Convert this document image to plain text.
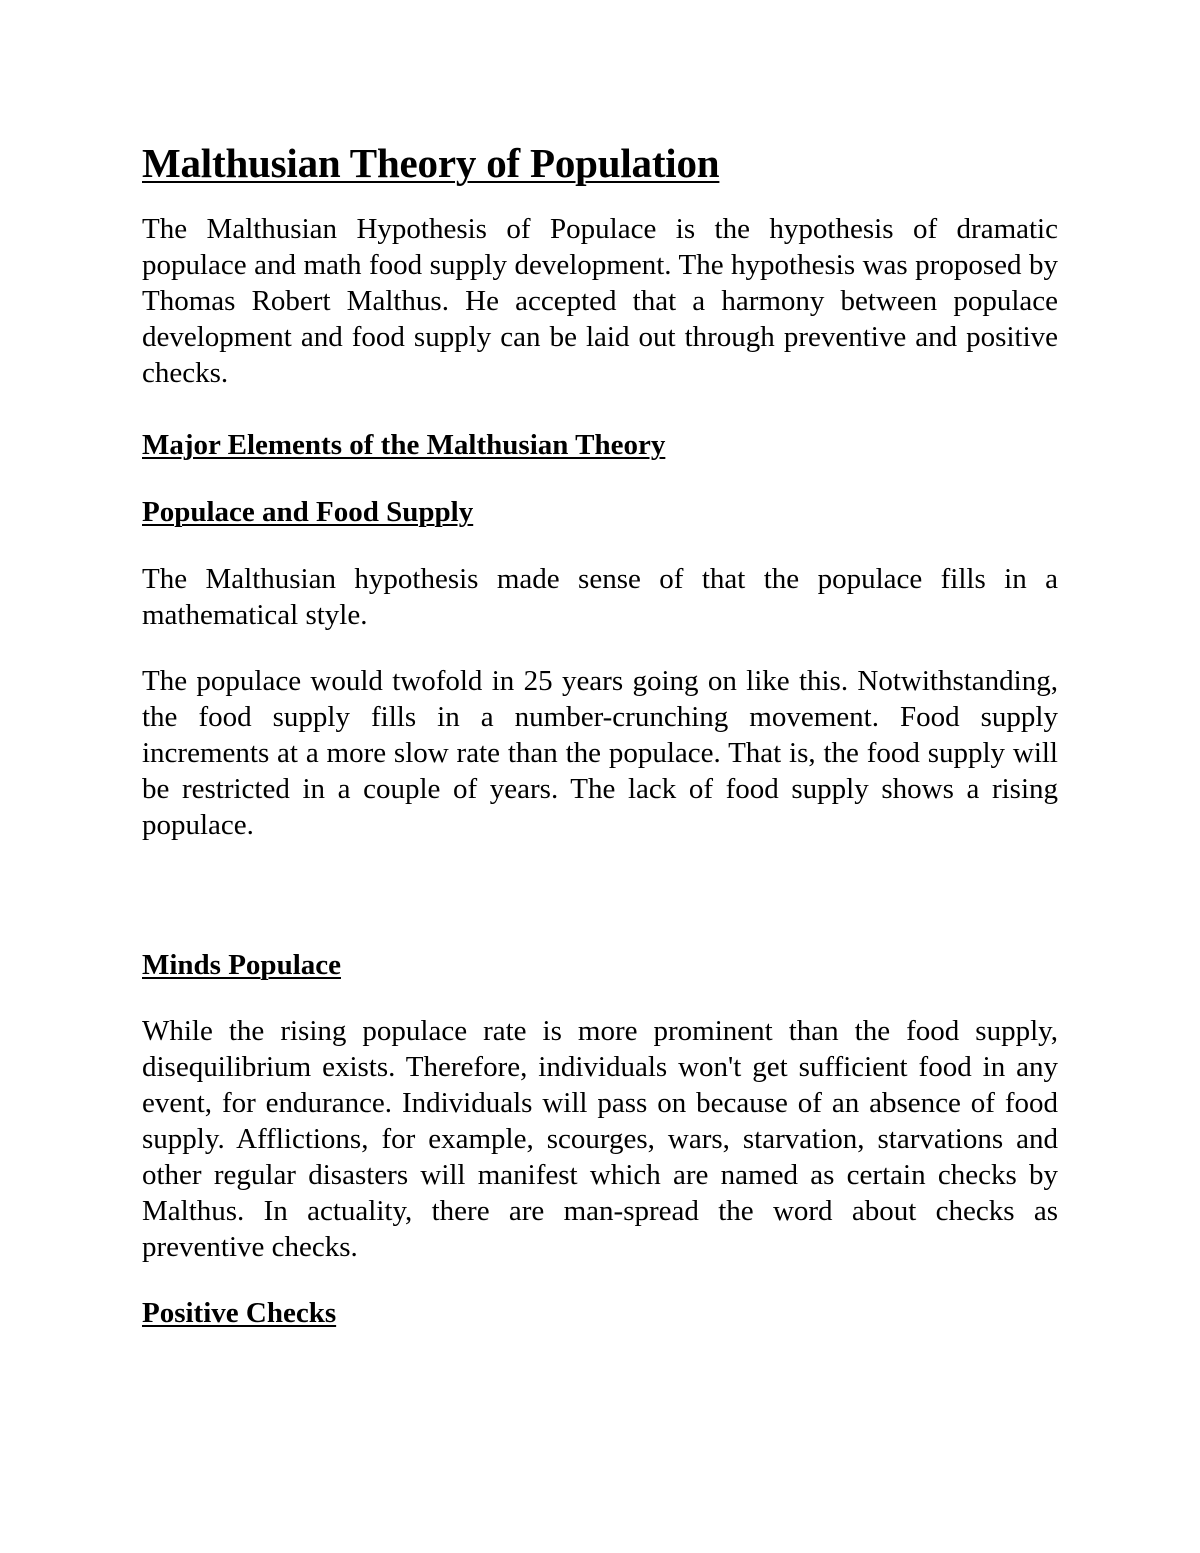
Malthusian Theory of Population

The Malthusian Hypothesis of Populace is the hypothesis of dramatic populace and math food supply development. The hypothesis was proposed by Thomas Robert Malthus. He accepted that a harmony between populace development and food supply can be laid out through preventive and positive checks.

Major Elements of the Malthusian Theory
Populace and Food Supply

The Malthusian hypothesis made sense of that the populace fills in a mathematical style.

The populace would twofold in 25 years going on like this. Notwithstanding, the food supply fills in a number-crunching movement. Food supply increments at a more slow rate than the populace. That is, the food supply will be restricted in a couple of years. The lack of food supply shows a rising populace.

Minds Populace

While the rising populace rate is more prominent than the food supply, disequilibrium exists. Therefore, individuals won't get sufficient food in any event, for endurance. Individuals will pass on because of an absence of food supply. Afflictions, for example, scourges, wars, starvation, starvations and other regular disasters will manifest which are named as certain checks by Malthus. In actuality, there are man-spread the word about checks as preventive checks.

Positive Checks
